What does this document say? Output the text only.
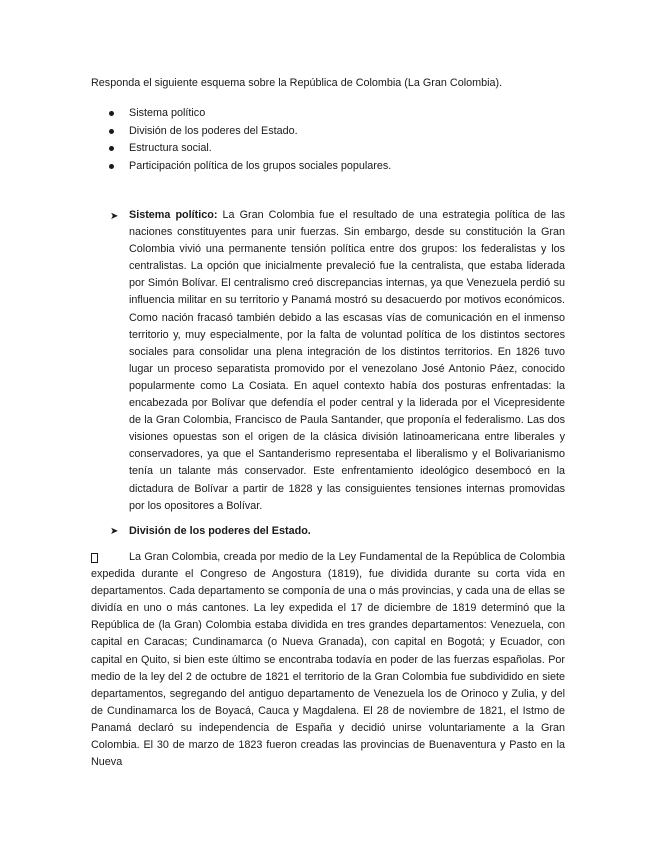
Responda el siguiente esquema sobre la República de Colombia (La Gran Colombia).
Sistema político
División de los poderes del Estado.
Estructura social.
Participación política de los grupos sociales populares.
➤ Sistema político: La Gran Colombia fue el resultado de una estrategia política de las naciones constituyentes para unir fuerzas. Sin embargo, desde su constitución la Gran Colombia vivió una permanente tensión política entre dos grupos: los federalistas y los centralistas. La opción que inicialmente prevaleció fue la centralista, que estaba liderada por Simón Bolívar. El centralismo creó discrepancias internas, ya que Venezuela perdió su influencia militar en su territorio y Panamá mostró su desacuerdo por motivos económicos. Como nación fracasó también debido a las escasas vías de comunicación en el inmenso territorio y, muy especialmente, por la falta de voluntad política de los distintos sectores sociales para consolidar una plena integración de los distintos territorios. En 1826 tuvo lugar un proceso separatista promovido por el venezolano José Antonio Páez, conocido popularmente como La Cosiata. En aquel contexto había dos posturas enfrentadas: la encabezada por Bolívar que defendía el poder central y la liderada por el Vicepresidente de la Gran Colombia, Francisco de Paula Santander, que proponía el federalismo. Las dos visiones opuestas son el origen de la clásica división latinoamericana entre liberales y conservadores, ya que el Santanderismo representaba el liberalismo y el Bolivarianismo tenía un talante más conservador. Este enfrentamiento ideológico desembocó en la dictadura de Bolívar a partir de 1828 y las consiguientes tensiones internas promovidas por los opositores a Bolívar.

➤ División de los poderes del Estado.

La Gran Colombia, creada por medio de la Ley Fundamental de la República de Colombia expedida durante el Congreso de Angostura (1819), fue dividida durante su corta vida en departamentos. Cada departamento se componía de una o más provincias, y cada una de ellas se dividía en uno o más cantones. La ley expedida el 17 de diciembre de 1819 determinó que la República de (la Gran) Colombia estaba dividida en tres grandes departamentos: Venezuela, con capital en Caracas; Cundinamarca (o Nueva Granada), con capital en Bogotá; y Ecuador, con capital en Quito, si bien este último se encontraba todavía en poder de las fuerzas españolas. Por medio de la ley del 2 de octubre de 1821 el territorio de la Gran Colombia fue subdividido en siete departamentos, segregando del antiguo departamento de Venezuela los de Orinoco y Zulia, y del de Cundinamarca los de Boyacá, Cauca y Magdalena. El 28 de noviembre de 1821, el Istmo de Panamá declaró su independencia de España y decidió unirse voluntariamente a la Gran Colombia. El 30 de marzo de 1823 fueron creadas las provincias de Buenaventura y Pasto en la Nueva
